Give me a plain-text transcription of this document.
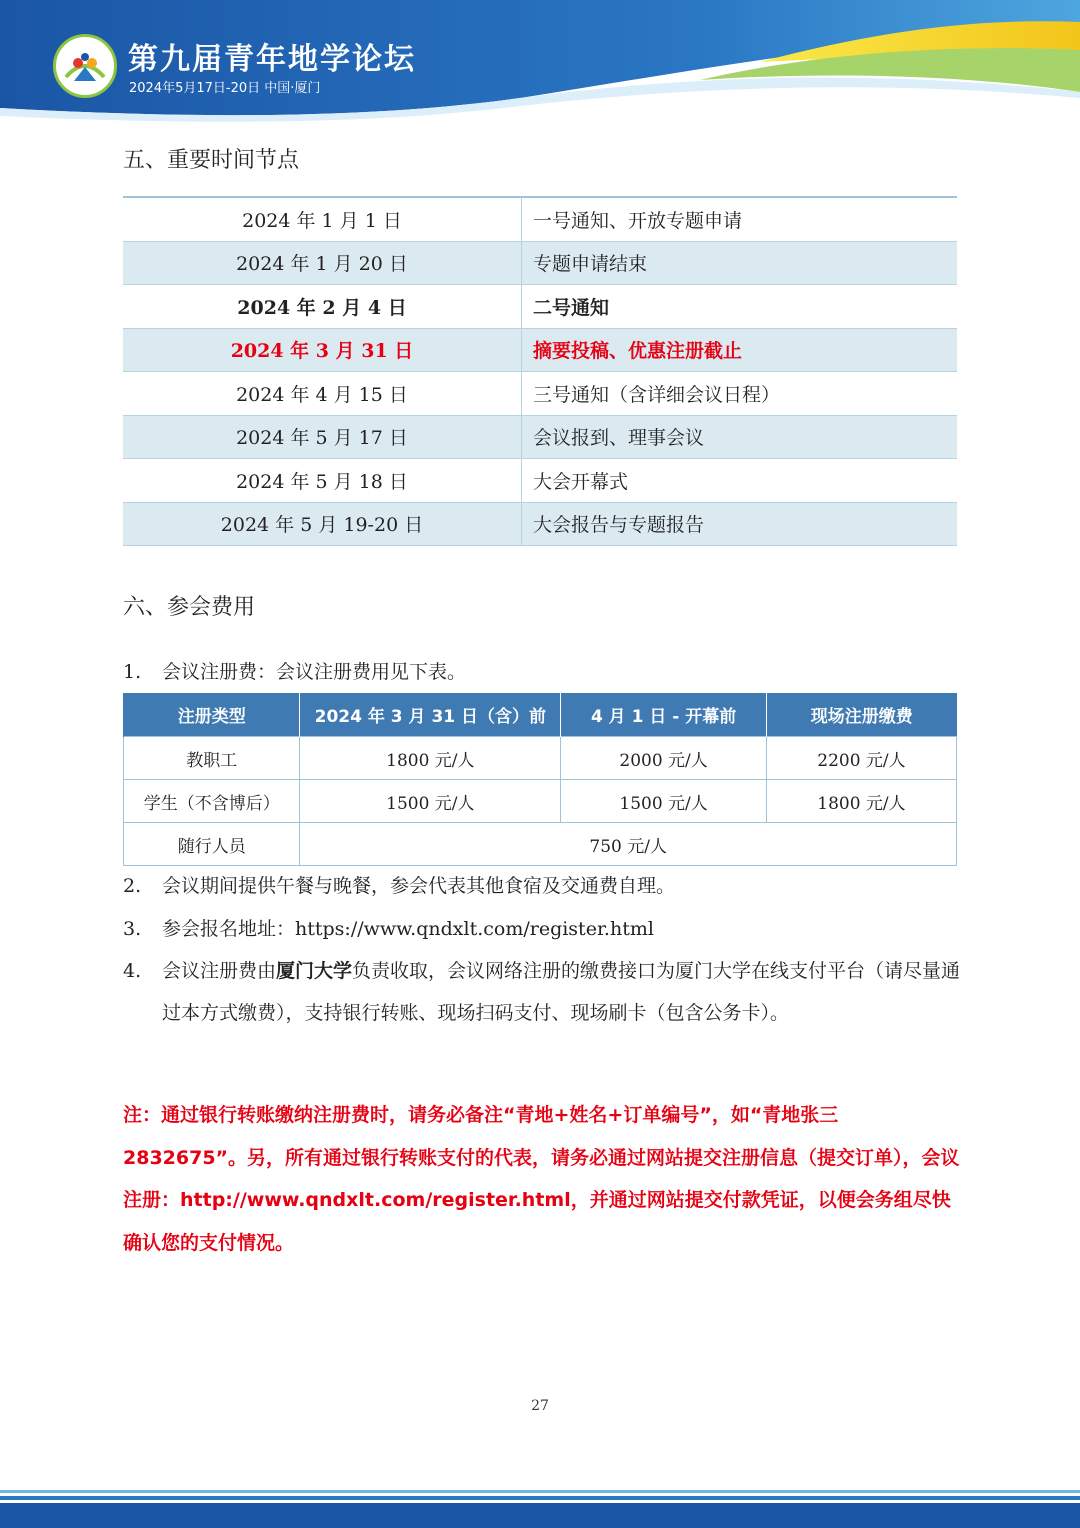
第九届青年地学论坛
2024年5月17日-20日 中国·厦门
五、重要时间节点
2024 年 1 月 1 日	一号通知、开放专题申请
2024 年 1 月 20 日	专题申请结束
2024 年 2 月 4 日	二号通知
2024 年 3 月 31 日	摘要投稿、优惠注册截止
2024 年 4 月 15 日	三号通知（含详细会议日程）
2024 年 5 月 17 日	会议报到、理事会议
2024 年 5 月 18 日	大会开幕式
2024 年 5 月 19-20 日	大会报告与专题报告
六、参会费用
1.	会议注册费：会议注册费用见下表。
注册类型	2024 年 3 月 31 日（含）前	4 月 1 日 - 开幕前	现场注册缴费
教职工	1800 元/人	2000 元/人	2200 元/人
学生（不含博后）	1500 元/人	1500 元/人	1800 元/人
随行人员	750 元/人		
2.	会议期间提供午餐与晚餐，参会代表其他食宿及交通费自理。
3.	参会报名地址：https://www.qndxlt.com/register.html
4.	会议注册费由厦门大学负责收取，会议网络注册的缴费接口为厦门大学在线支付平台（请尽量通过本方式缴费），支持银行转账、现场扫码支付、现场刷卡（包含公务卡）。
注：通过银行转账缴纳注册费时，请务必备注“青地+姓名+订单编号”，如“青地张三 2832675”。另，所有通过银行转账支付的代表，请务必通过网站提交注册信息（提交订单），会议注册：http://www.qndxlt.com/register.html，并通过网站提交付款凭证，以便会务组尽快确认您的支付情况。
27
